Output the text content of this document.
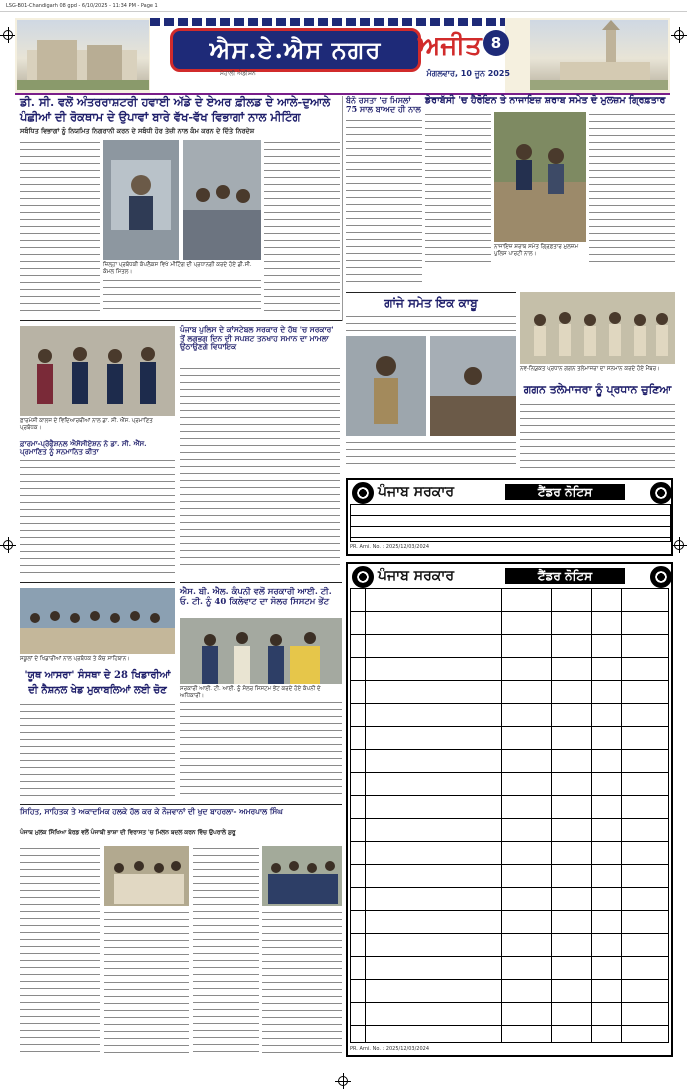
LSG-B01-Chandigarh 08 gpd - 6/10/2025 - 11:34 PM - Page 1
ਐਸ.ਏ.ਐਸ ਨਗਰ	ਅਜੀਤ 8
ਮੰਗਲਵਾਰ, 10 ਜੂਨ 2025
ਮੋਹਾਲੀ ਐਡੀਸ਼ਨ
ਡੀ. ਸੀ. ਵਲੋਂ ਅੰਤਰਰਾਸ਼ਟਰੀ ਹਵਾਈ ਅੱਡੇ ਦੇ ਏਅਰ ਫ਼ੀਲਡ ਦੇ ਆਲੇ-ਦੁਆਲੇ
ਪੰਛੀਆਂ ਦੀ ਰੋਕਥਾਮ ਦੇ ਉਪਾਵਾਂ ਬਾਰੇ ਵੱਖ-ਵੱਖ ਵਿਭਾਗਾਂ ਨਾਲ ਮੀਟਿੰਗ
ਸਬੰਧਿਤ ਵਿਭਾਗਾਂ ਨੂੰ ਨਿਯਮਿਤ ਨਿਗਰਾਨੀ ਕਰਨ ਦੇ ਸਬੰਧੀ ਹੋਰ ਤੇਜ਼ੀ ਨਾਲ ਕੰਮ ਕਰਨ ਦੇ ਦਿੱਤੇ ਨਿਰਦੇਸ਼
ਜ਼ਿਲ੍ਹਾ ਪ੍ਰਬੰਧਕੀ ਕੰਪਲੈਕਸ ਵਿਖੇ ਮੀਟਿੰਗ ਦੀ ਪ੍ਰਧਾਨਗੀ ਕਰਦੇ ਹੋਏ ਡੀ.ਸੀ. ਕੋਮਲ ਮਿੱਤਲ।
ਬੰਨੋ ਰਸਤਾ 'ਚ ਮਿਸਲਾਂ 75 ਸਾਲ ਬਾਅਦ ਹੀ ਨਾਲ
ਡੇਰਾਬੱਸੀ 'ਚ ਹੈਰੋਇਨ ਤੇ ਨਾਜਾਇਜ਼ ਸ਼ਰਾਬ ਸਮੇਤ ਦੋ ਮੁਲਜ਼ਮ ਗ੍ਰਿਫ਼ਤਾਰ
ਨਾਜਾਇਜ਼ ਸ਼ਰਾਬ ਸਮੇਤ ਗ੍ਰਿਫ਼ਤਾਰ ਮੁਲਜ਼ਮ ਪੁਲਿਸ ਪਾਰਟੀ ਨਾਲ।
ਗਾਂਜੇ ਸਮੇਤ ਇਕ ਕਾਬੂ
ਨਵ-ਨਿਯੁਕਤ ਪ੍ਰਧਾਨ ਗਗਨ ਤਲੇਮਾਜਰਾ ਦਾ ਸਨਮਾਨ ਕਰਦੇ ਹੋਏ ਮੈਂਬਰ।
ਗਗਨ ਤਲੇਮਾਜਰਾ ਨੂੰ ਪ੍ਰਧਾਨ ਚੁਣਿਆ
ਫ਼ਾਰਮੇਸੀ ਕਾਲਜ ਦੇ ਵਿਦਿਆਰਥੀਆਂ ਨਾਲ ਡਾ. ਸੀ. ਐੱਸ. ਪ੍ਰਮਾਣਿਤ ਪ੍ਰਬੰਧਕ।
ਫ਼ਾਰਮਾ-ਪ੍ਰੋਫੈਸ਼ਨਲ ਐਸੋਸੀਏਸ਼ਨ ਨੇ ਡਾ. ਸੀ. ਐੱਸ. ਪ੍ਰਮਾਣਿਤ ਨੂੰ ਸਨਮਾਨਿਤ ਕੀਤਾ
ਪੰਜਾਬ ਪੁਲਿਸ ਦੇ ਕਾਂਸਟੇਬਲ ਸਰਕਾਰ ਦੇ ਹੱਥ 'ਚ ਸਰਕਾਰ' ਤੋਂ ਲਗਭਗ ਦਿਨ ਦੀ ਸਪਸ਼ਟ ਤਨਖਾਹ ਸਮਾਨ ਦਾ ਮਾਮਲਾ ਉਠਾਉਣਗੇ ਵਿਧਾਇਕ
ਪੰਜਾਬ ਸਰਕਾਰ	ਟੈਂਡਰ ਨੋਟਿਸ
PR. Arni. No. : 2025/12/03/2024
ਸਕੂਲਾਂ ਦੇ ਖਿਡਾਰੀਆਂ ਨਾਲ ਪ੍ਰਬੰਧਕ ਤੇ ਕੋਚ ਸਾਹਿਬਾਨ।
'ਯੂਥ ਆਸਰਾ' ਸੰਸਥਾ ਦੇ 28 ਖਿਡਾਰੀਆਂ
ਦੀ ਨੈਸ਼ਨਲ ਖੇਡ ਮੁਕਾਬਲਿਆਂ ਲਈ ਚੋਣ
ਐਸ. ਬੀ. ਐਲ. ਕੰਪਨੀ ਵਲੋਂ ਸਰਕਾਰੀ ਆਈ. ਟੀ. ਓ. ਟੀ. ਨੂੰ 40 ਕਿਲੋਵਾਟ ਦਾ ਸੋਲਰ ਸਿਸਟਮ ਭੇਂਟ
ਸਰਕਾਰੀ ਆਈ. ਟੀ. ਆਈ. ਨੂੰ ਸੋਲਰ ਸਿਸਟਮ ਭੇਂਟ ਕਰਦੇ ਹੋਏ ਕੰਪਨੀ ਦੇ ਅਧਿਕਾਰੀ।
ਪੰਜਾਬ ਸਰਕਾਰ	ਟੈਂਡਰ ਨੋਟਿਸ
PR. Arni. No. : 2025/12/03/2024
ਸਿਹਿਤ, ਸਾਹਿਤਕ ਤੇ ਅਕਾਦਮਿਕ ਹਲਕੇ ਹੱਲ ਕਰ ਕੇ ਨੌਜਵਾਨਾਂ ਦੀ ਖੁਦ ਬਾਹਰਲਾ- ਅਮਰਪਾਲ ਸਿੰਘ
ਪੰਜਾਬ ਮੁਲਕ ਸਿੱਖਿਆ ਬੋਰਡ ਵਲੋਂ ਪੰਜਾਬੀ ਭਾਸ਼ਾ ਦੀ ਵਿਰਾਸਤ 'ਚ ਮਿਲਨ ਬਦਲ ਕਰਨ ਵਿੱਚ ਉਪਰਾਲੇ ਸ਼ੁਰੂ
